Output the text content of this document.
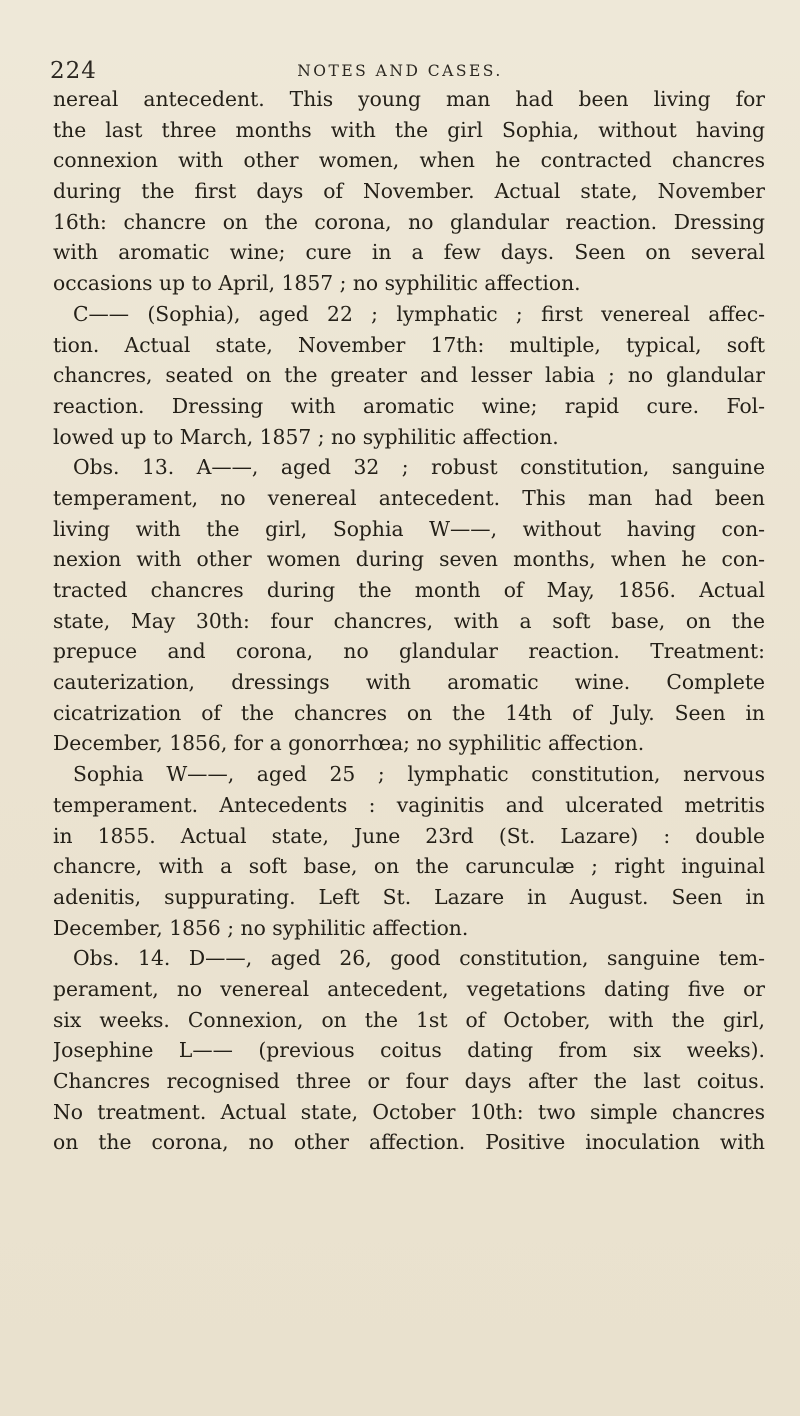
224	NOTES AND CASES.
nereal antecedent. This young man had been living for
the last three months with the girl Sophia, without having
connexion with other women, when he contracted chancres
during the first days of November. Actual state, November
16th: chancre on the corona, no glandular reaction. Dressing
with aromatic wine; cure in a few days. Seen on several
occasions up to April, 1857 ; no syphilitic affection.
C—— (Sophia), aged 22 ; lymphatic ; first venereal affec-
tion. Actual state, November 17th: multiple, typical, soft
chancres, seated on the greater and lesser labia ; no glandular
reaction. Dressing with aromatic wine; rapid cure. Fol-
lowed up to March, 1857 ; no syphilitic affection.
Obs. 13. A——, aged 32 ; robust constitution, sanguine
temperament, no venereal antecedent. This man had been
living with the girl, Sophia W——, without having con-
nexion with other women during seven months, when he con-
tracted chancres during the month of May, 1856. Actual
state, May 30th: four chancres, with a soft base, on the
prepuce and corona, no glandular reaction. Treatment:
cauterization, dressings with aromatic wine. Complete
cicatrization of the chancres on the 14th of July. Seen in
December, 1856, for a gonorrhœa; no syphilitic affection.
Sophia W——, aged 25 ; lymphatic constitution, nervous
temperament. Antecedents : vaginitis and ulcerated metritis
in 1855. Actual state, June 23rd (St. Lazare) : double
chancre, with a soft base, on the carunculæ ; right inguinal
adenitis, suppurating. Left St. Lazare in August. Seen in
December, 1856 ; no syphilitic affection.
Obs. 14. D——, aged 26, good constitution, sanguine tem-
perament, no venereal antecedent, vegetations dating five or
six weeks. Connexion, on the 1st of October, with the girl,
Josephine L—— (previous coitus dating from six weeks).
Chancres recognised three or four days after the last coitus.
No treatment. Actual state, October 10th: two simple chancres
on the corona, no other affection. Positive inoculation with
